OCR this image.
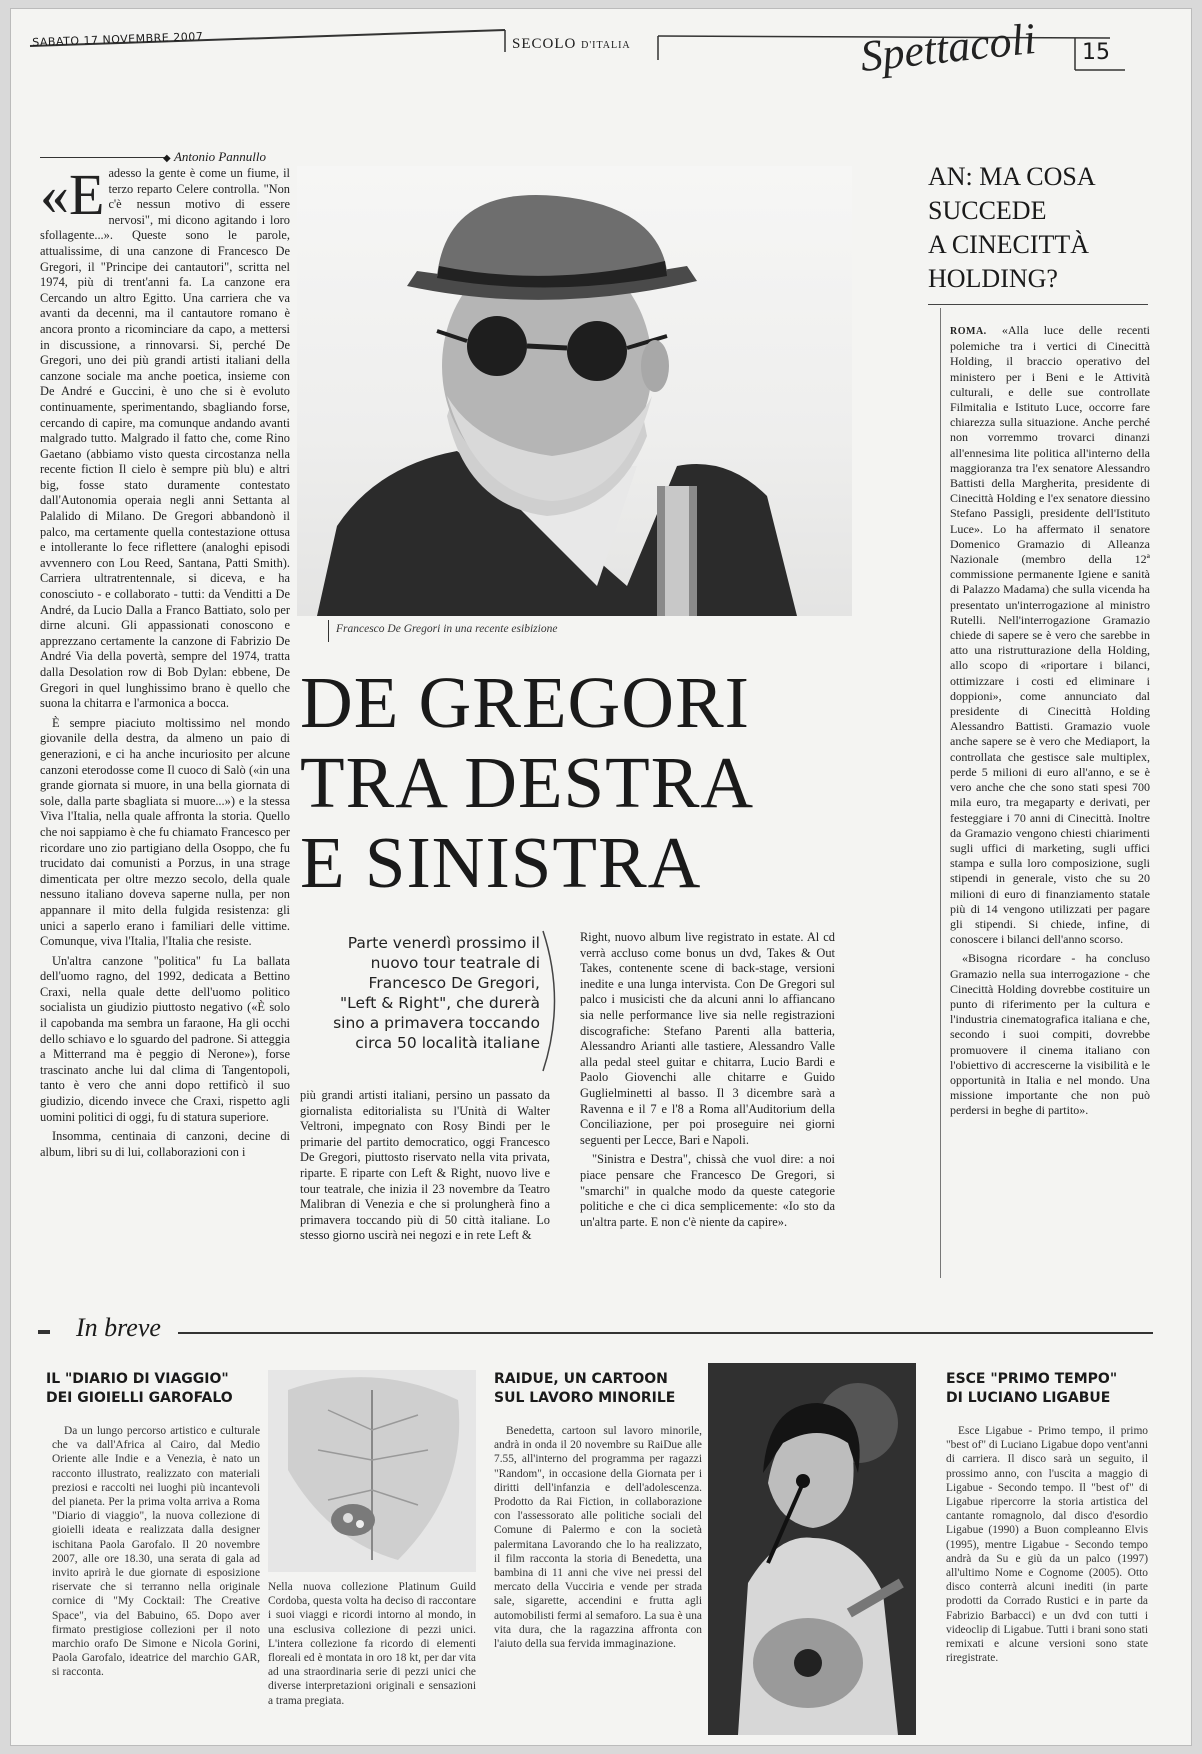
SABATO 17 NOVEMBRE 2007	SECOLO D'ITALIA	Spettacoli 15
◆ Antonio Pannullo
Francesco De Gregori in una recente esibizione
DE GREGORI
TRA DESTRA
E SINISTRA
Parte venerdì prossimo il nuovo tour teatrale di Francesco De Gregori, "Left & Right", che durerà sino a primavera toccando circa 50 località italiane
«E adesso la gente è come un fiume, il terzo reparto Celere controlla. "Non c'è nessun motivo di essere nervosi", mi dicono agitando i loro sfollagente...». Queste sono le parole, attualissime, di una canzone di Francesco De Gregori, il "Principe dei cantautori", scritta nel 1974, più di trent'anni fa. La canzone era Cercando un altro Egitto. Una carriera che va avanti da decenni, ma il cantautore romano è ancora pronto a ricominciare da capo, a mettersi in discussione, a rinnovarsi. Si, perché De Gregori, uno dei più grandi artisti italiani della canzone sociale ma anche poetica, insieme con De André e Guccini, è uno che si è evoluto continuamente, sperimentando, sbagliando forse, cercando di capire, ma comunque andando avanti malgrado tutto. Malgrado il fatto che, come Rino Gaetano (abbiamo visto questa circostanza nella recente fiction Il cielo è sempre più blu) e altri big, fosse stato duramente contestato dall'Autonomia operaia negli anni Settanta al Palalido di Milano. De Gregori abbandonò il palco, ma certamente quella contestazione ottusa e intollerante lo fece riflettere (analoghi episodi avvennero con Lou Reed, Santana, Patti Smith). Carriera ultratrentennale, si diceva, e ha conosciuto - e collaborato - tutti: da Venditti a De André, da Lucio Dalla a Franco Battiato, solo per dirne alcuni. Gli appassionati conoscono e apprezzano certamente la canzone di Fabrizio De André Via della povertà, sempre del 1974, tratta dalla Desolation row di Bob Dylan: ebbene, De Gregori in quel lunghissimo brano è quello che suona la chitarra e l'armonica a bocca.

È sempre piaciuto moltissimo nel mondo giovanile della destra, da almeno un paio di generazioni, e ci ha anche incuriosito per alcune canzoni eterodosse come Il cuoco di Salò («in una grande giornata si muore, in una bella giornata di sole, dalla parte sbagliata si muore...») e la stessa Viva l'Italia, nella quale affronta la storia. Quello che noi sappiamo è che fu chiamato Francesco per ricordare uno zio partigiano della Osoppo, che fu trucidato dai comunisti a Porzus, in una strage dimenticata per oltre mezzo secolo, della quale nessuno italiano doveva saperne nulla, per non appannare il mito della fulgida resistenza: gli unici a saperlo erano i familiari delle vittime. Comunque, viva l'Italia, l'Italia che resiste.

Un'altra canzone "politica" fu La ballata dell'uomo ragno, del 1992, dedicata a Bettino Craxi, nella quale dette dell'uomo politico socialista un giudizio piuttosto negativo («È solo il capobanda ma sembra un faraone, Ha gli occhi dello schiavo e lo sguardo del padrone. Si atteggia a Mitterrand ma è peggio di Nerone»), forse trascinato anche lui dal clima di Tangentopoli, tanto è vero che anni dopo rettificò il suo giudizio, dicendo invece che Craxi, rispetto agli uomini politici di oggi, fu di statura superiore.

Insomma, centinaia di canzoni, decine di album, libri su di lui, collaborazioni con i

più grandi artisti italiani, persino un passato da giornalista editorialista su l'Unità di Walter Veltroni, impegnato con Rosy Bindi per le primarie del partito democratico, oggi Francesco De Gregori, piuttosto riservato nella vita privata, riparte. E riparte con Left & Right, nuovo live e tour teatrale, che inizia il 23 novembre da Teatro Malibran di Venezia e che si prolungherà fino a primavera toccando più di 50 città italiane. Lo stesso giorno uscirà nei negozi e in rete Left &

Right, nuovo album live registrato in estate. Al cd verrà accluso come bonus un dvd, Takes & Out Takes, contenente scene di back-stage, versioni inedite e una lunga intervista. Con De Gregori sul palco i musicisti che da alcuni anni lo affiancano sia nelle performance live sia nelle registrazioni discografiche: Stefano Parenti alla batteria, Alessandro Arianti alle tastiere, Alessandro Valle alla pedal steel guitar e chitarra, Lucio Bardi e Paolo Giovenchi alle chitarre e Guido Guglielminetti al basso. Il 3 dicembre sarà a Ravenna e il 7 e l'8 a Roma all'Auditorium della Conciliazione, per poi proseguire nei giorni seguenti per Lecce, Bari e Napoli.

"Sinistra e Destra", chissà che vuol dire: a noi piace pensare che Francesco De Gregori, si "smarchi" in qualche modo da queste categorie politiche e che ci dica semplicemente: «Io sto da un'altra parte. E non c'è niente da capire».

AN: MA COSA
SUCCEDE
A CINECITTÀ
HOLDING?

ROMA. «Alla luce delle recenti polemiche tra i vertici di Cinecittà Holding, il braccio operativo del ministero per i Beni e le Attività culturali, e delle sue controllate Filmitalia e Istituto Luce, occorre fare chiarezza sulla situazione. Anche perché non vorremmo trovarci dinanzi all'ennesima lite politica all'interno della maggioranza tra l'ex senatore Alessandro Battisti della Margherita, presidente di Cinecittà Holding e l'ex senatore diessino Stefano Passigli, presidente dell'Istituto Luce». Lo ha affermato il senatore Domenico Gramazio di Alleanza Nazionale (membro della 12ª commissione permanente Igiene e sanità di Palazzo Madama) che sulla vicenda ha presentato un'interrogazione al ministro Rutelli. Nell'interrogazione Gramazio chiede di sapere se è vero che sarebbe in atto una ristrutturazione della Holding, allo scopo di «riportare i bilanci, ottimizzare i costi ed eliminare i doppioni», come annunciato dal presidente di Cinecittà Holding Alessandro Battisti. Gramazio vuole anche sapere se è vero che Mediaport, la controllata che gestisce sale multiplex, perde 5 milioni di euro all'anno, e se è vero anche che che sono stati spesi 700 mila euro, tra megaparty e derivati, per festeggiare i 70 anni di Cinecittà. Inoltre da Gramazio vengono chiesti chiarimenti sugli uffici di marketing, sugli uffici stampa e sulla loro composizione, sugli stipendi in generale, visto che su 20 milioni di euro di finanziamento statale più di 14 vengono utilizzati per pagare gli stipendi. Si chiede, infine, di conoscere i bilanci dell'anno scorso.

«Bisogna ricordare - ha concluso Gramazio nella sua interrogazione - che Cinecittà Holding dovrebbe costituire un punto di riferimento per la cultura e l'industria cinematografica italiana e che, secondo i suoi compiti, dovrebbe promuovere il cinema italiano con l'obiettivo di accrescerne la visibilità e le opportunità in Italia e nel mondo. Una missione importante che non può perdersi in beghe di partito».

In breve
IL "DIARIO DI VIAGGIO"
DEI GIOIELLI GAROFALO

Da un lungo percorso artistico e culturale che va dall'Africa al Cairo, dal Medio Oriente alle Indie e a Venezia, è nato un racconto illustrato, realizzato con materiali preziosi e raccolti nei luoghi più incantevoli del pianeta. Per la prima volta arriva a Roma "Diario di viaggio", la nuova collezione di gioielli ideata e realizzata dalla designer ischitana Paola Garofalo. Il 20 novembre 2007, alle ore 18.30, una serata di gala ad invito aprirà le due giornate di esposizione riservate che si terranno nella originale cornice di "My Cocktail: The Creative Space", via del Babuino, 65. Dopo aver firmato prestigiose collezioni per il noto marchio orafo De Simone e Nicola Gorini, Paola Garofalo, ideatrice del marchio GAR, si racconta.

Nella nuova collezione Platinum Guild Cordoba, questa volta ha deciso di raccontare i suoi viaggi e ricordi intorno al mondo, in una esclusiva collezione di pezzi unici. L'intera collezione fa ricordo di elementi floreali ed è montata in oro 18 kt, per dar vita ad una straordinaria serie di pezzi unici che diverse interpretazioni originali e sensazioni a trama pregiata.

RAIDUE, UN CARTOON
SUL LAVORO MINORILE

Benedetta, cartoon sul lavoro minorile, andrà in onda il 20 novembre su RaiDue alle 7.55, all'interno del programma per ragazzi "Random", in occasione della Giornata per i diritti dell'infanzia e dell'adolescenza. Prodotto da Rai Fiction, in collaborazione con l'assessorato alle politiche sociali del Comune di Palermo e con la società palermitana Lavorando che lo ha realizzato, il film racconta la storia di Benedetta, una bambina di 11 anni che vive nei pressi del mercato della Vucciria e vende per strada sale, sigarette, accendini e frutta agli automobilisti fermi al semaforo. La sua è una vita dura, che la ragazzina affronta con l'aiuto della sua fervida immaginazione.

ESCE "PRIMO TEMPO"
DI LUCIANO LIGABUE

Esce Ligabue - Primo tempo, il primo "best of" di Luciano Ligabue dopo vent'anni di carriera. Il disco sarà un seguito, il prossimo anno, con l'uscita a maggio di Ligabue - Secondo tempo. Il "best of" di Ligabue ripercorre la storia artistica del cantante romagnolo, dal disco d'esordio Ligabue (1990) a Buon compleanno Elvis (1995), mentre Ligabue - Secondo tempo andrà da Su e giù da un palco (1997) all'ultimo Nome e Cognome (2005). Otto disco conterrà alcuni inediti (in parte prodotti da Corrado Rustici e in parte da Fabrizio Barbacci) e un dvd con tutti i videoclip di Ligabue. Tutti i brani sono stati remixati e alcune versioni sono state riregistrate.
